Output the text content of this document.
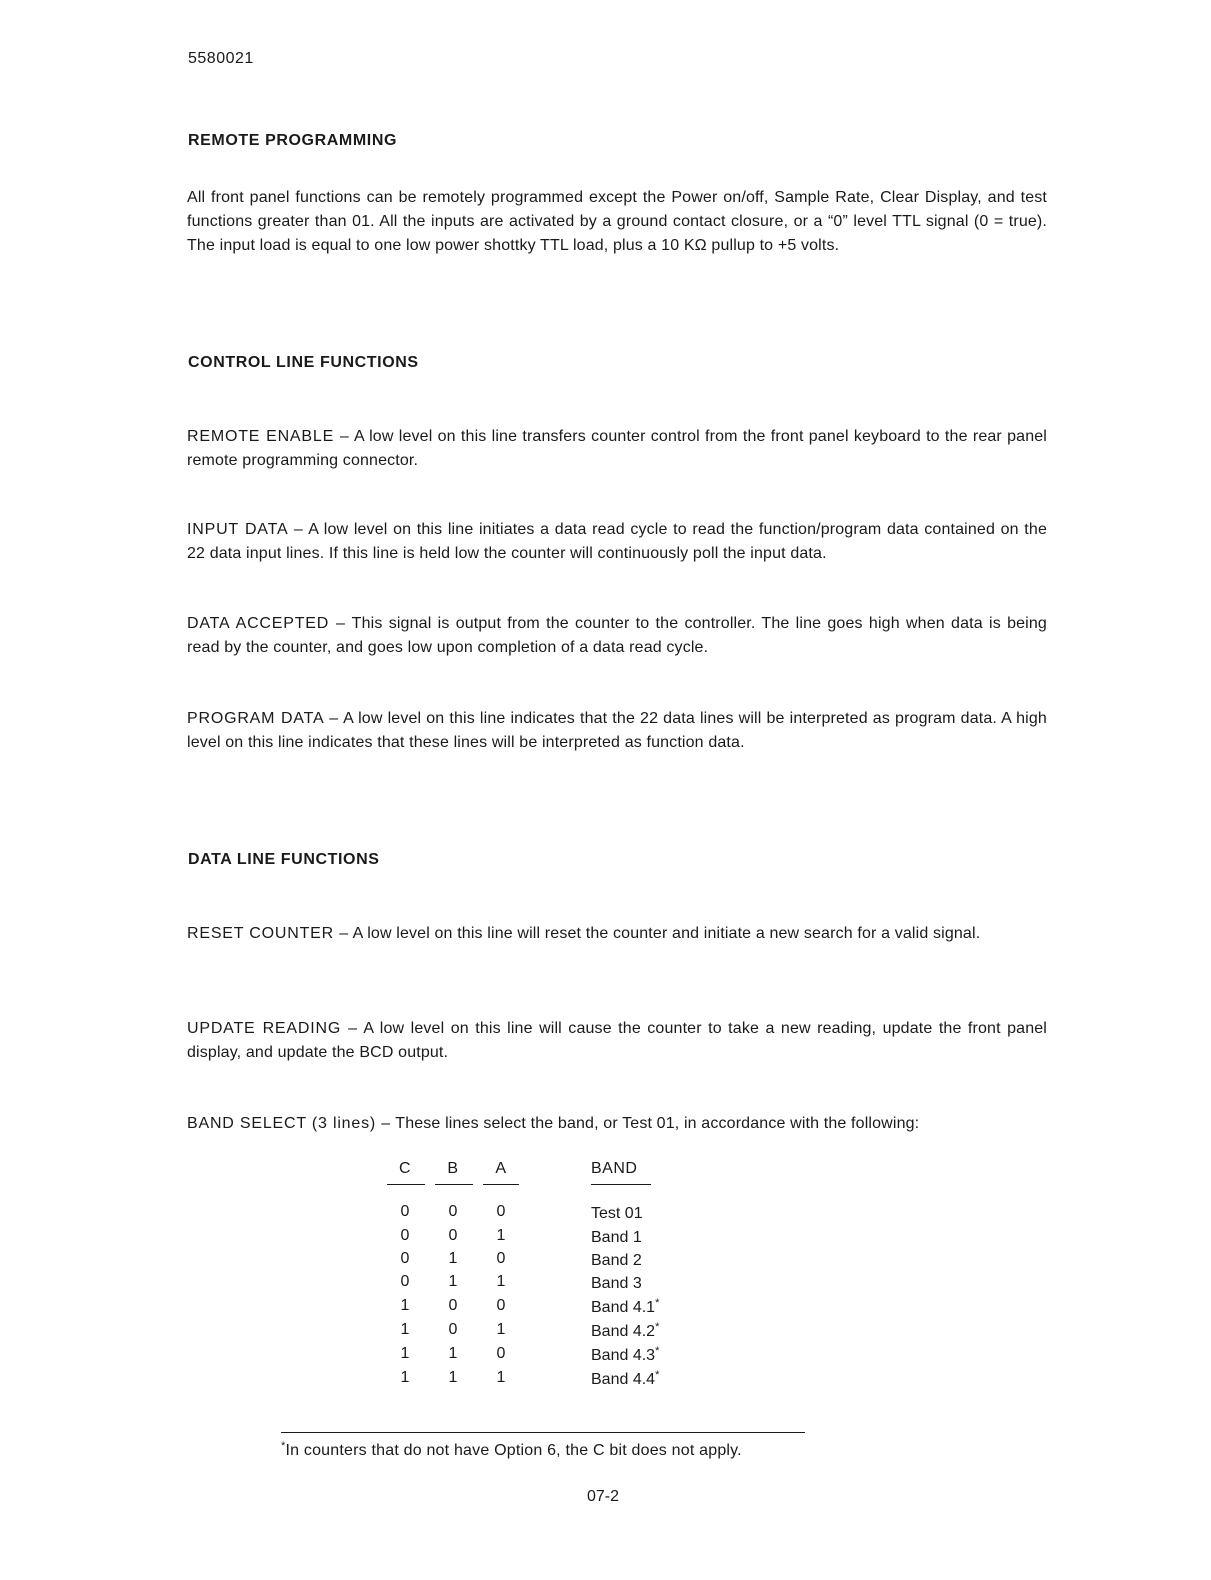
5580021
REMOTE PROGRAMMING
All front panel functions can be remotely programmed except the Power on/off, Sample Rate, Clear Display, and test functions greater than 01. All the inputs are activated by a ground contact closure, or a “0” level TTL signal (0 = true). The input load is equal to one low power shottky TTL load, plus a 10 KΩ pullup to +5 volts.
CONTROL LINE FUNCTIONS
REMOTE ENABLE – A low level on this line transfers counter control from the front panel keyboard to the rear panel remote programming connector.
INPUT DATA – A low level on this line initiates a data read cycle to read the function/program data contained on the 22 data input lines. If this line is held low the counter will continuously poll the input data.
DATA ACCEPTED – This signal is output from the counter to the controller. The line goes high when data is being read by the counter, and goes low upon completion of a data read cycle.
PROGRAM DATA – A low level on this line indicates that the 22 data lines will be interpreted as program data. A high level on this line indicates that these lines will be interpreted as function data.
DATA LINE FUNCTIONS
RESET COUNTER – A low level on this line will reset the counter and initiate a new search for a valid signal.
UPDATE READING – A low level on this line will cause the counter to take a new reading, update the front panel display, and update the BCD output.
BAND SELECT (3 lines) – These lines select the band, or Test 01, in accordance with the following:
C	B	A	BAND
0	0	0	Test 01
0	0	1	Band 1
0	1	0	Band 2
0	1	1	Band 3
1	0	0	Band 4.1*
1	0	1	Band 4.2*
1	1	0	Band 4.3*
1	1	1	Band 4.4*
*In counters that do not have Option 6, the C bit does not apply.
07-2
